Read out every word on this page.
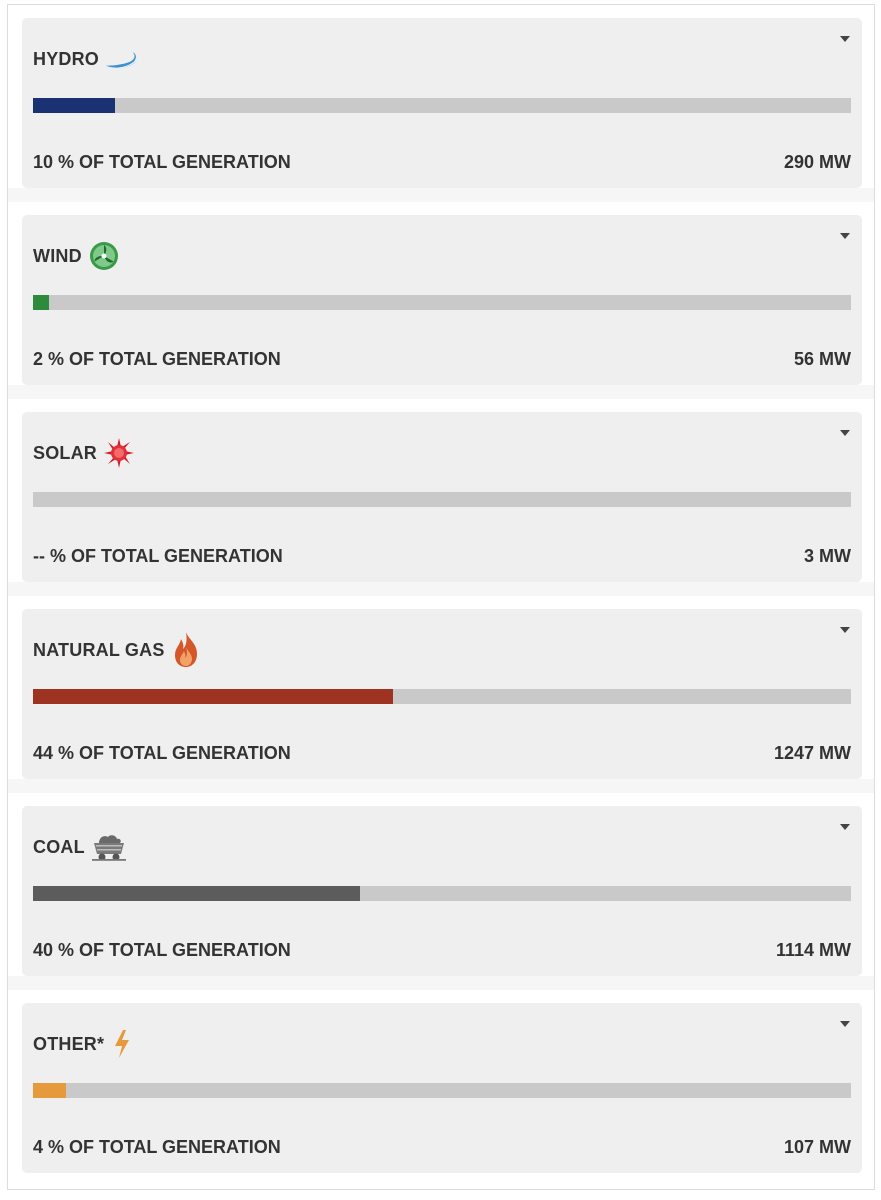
HYDRO
10 % OF TOTAL GENERATION	290 MW
WIND
2 % OF TOTAL GENERATION	56 MW
SOLAR
-- % OF TOTAL GENERATION	3 MW
NATURAL GAS
44 % OF TOTAL GENERATION	1247 MW
COAL
40 % OF TOTAL GENERATION	1114 MW
OTHER*
4 % OF TOTAL GENERATION	107 MW
